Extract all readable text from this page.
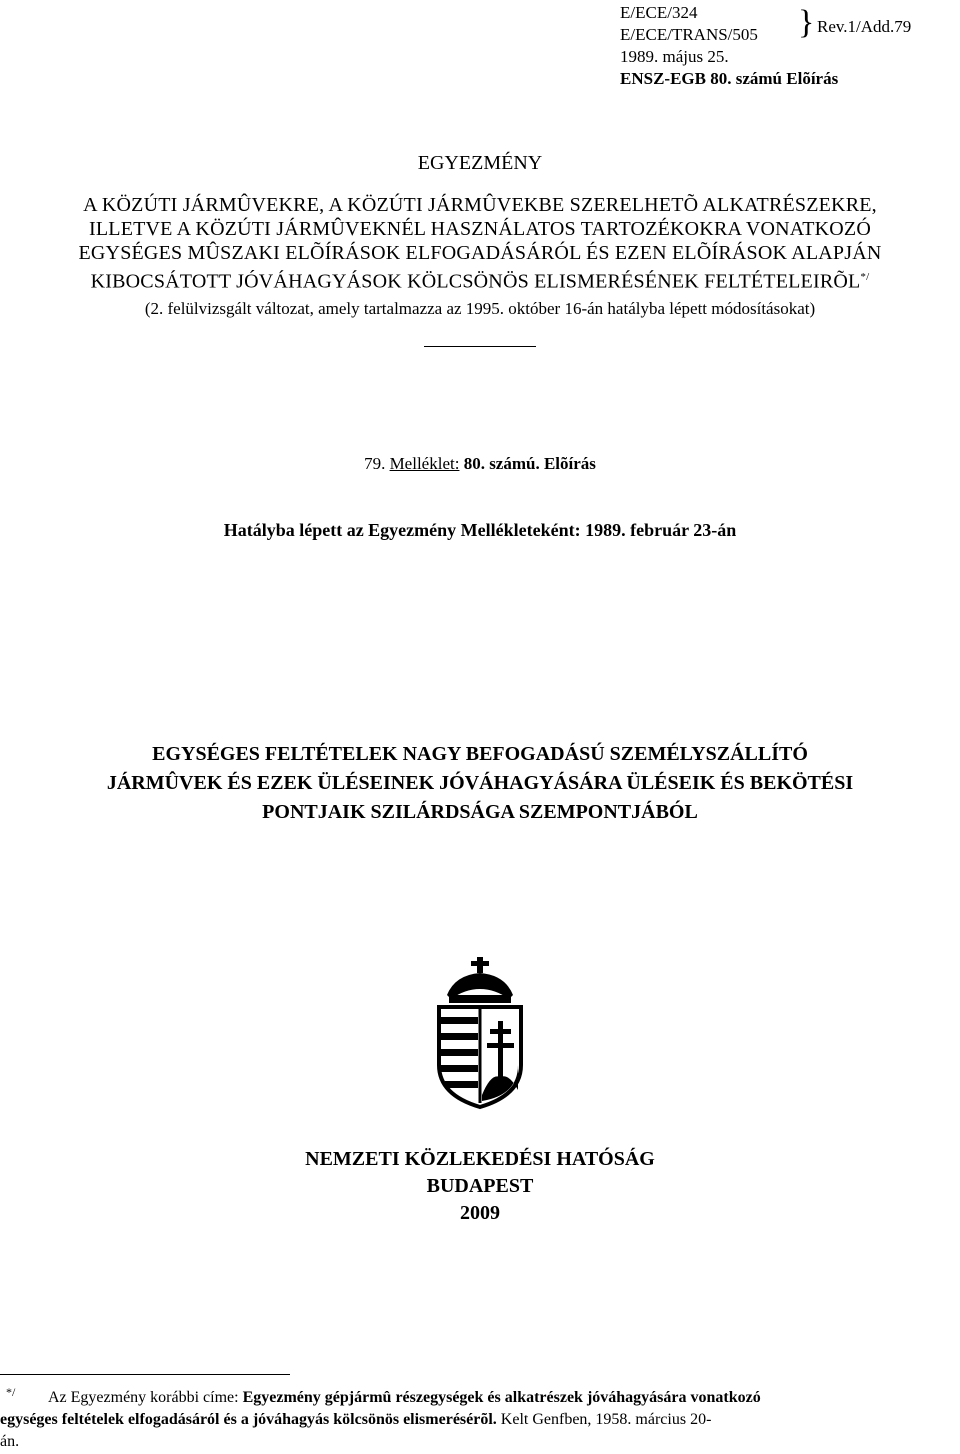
E/ECE/324
E/ECE/TRANS/505	} Rev.1/Add.79
1989. május 25.
ENSZ-EGB 80. számú Elõírás
EGYEZMÉNY
A KÖZÚTI JÁRMÛVEKRE, A KÖZÚTI JÁRMÛVEKBE SZERELHETÕ ALKATRÉSZEKRE,
ILLETVE A KÖZÚTI JÁRMÛVEKNÉL HASZNÁLATOS TARTOZÉKOKRA VONATKOZÓ
EGYSÉGES MÛSZAKI ELÕÍRÁSOK ELFOGADÁSÁRÓL ÉS EZEN ELÕÍRÁSOK ALAPJÁN
KIBOCSÁTOTT JÓVÁHAGYÁSOK KÖLCSÖNÖS ELISMERÉSÉNEK FELTÉTELEIRÕL*/
(2. felülvizsgált változat, amely tartalmazza az 1995. október 16-án hatályba lépett módosításokat)
79. Melléklet: 80. számú. Elõírás
Hatályba lépett az Egyezmény Mellékleteként: 1989. február 23-án
EGYSÉGES FELTÉTELEK NAGY BEFOGADÁSÚ SZEMÉLYSZÁLLÍTÓ
JÁRMÛVEK ÉS EZEK ÜLÉSEINEK JÓVÁHAGYÁSÁRA ÜLÉSEIK ÉS BEKÖTÉSI
PONTJAIK SZILÁRDSÁGA SZEMPONTJÁBÓL
NEMZETI KÖZLEKEDÉSI HATÓSÁG
BUDAPEST
2009
*/ Az Egyezmény korábbi címe: Egyezmény gépjármû részegységek és alkatrészek jóváhagyására vonatkozó
egységes feltételek elfogadásáról és a jóváhagyás kölcsönös elismerésérõl. Kelt Genfben, 1958. március 20-
án.
